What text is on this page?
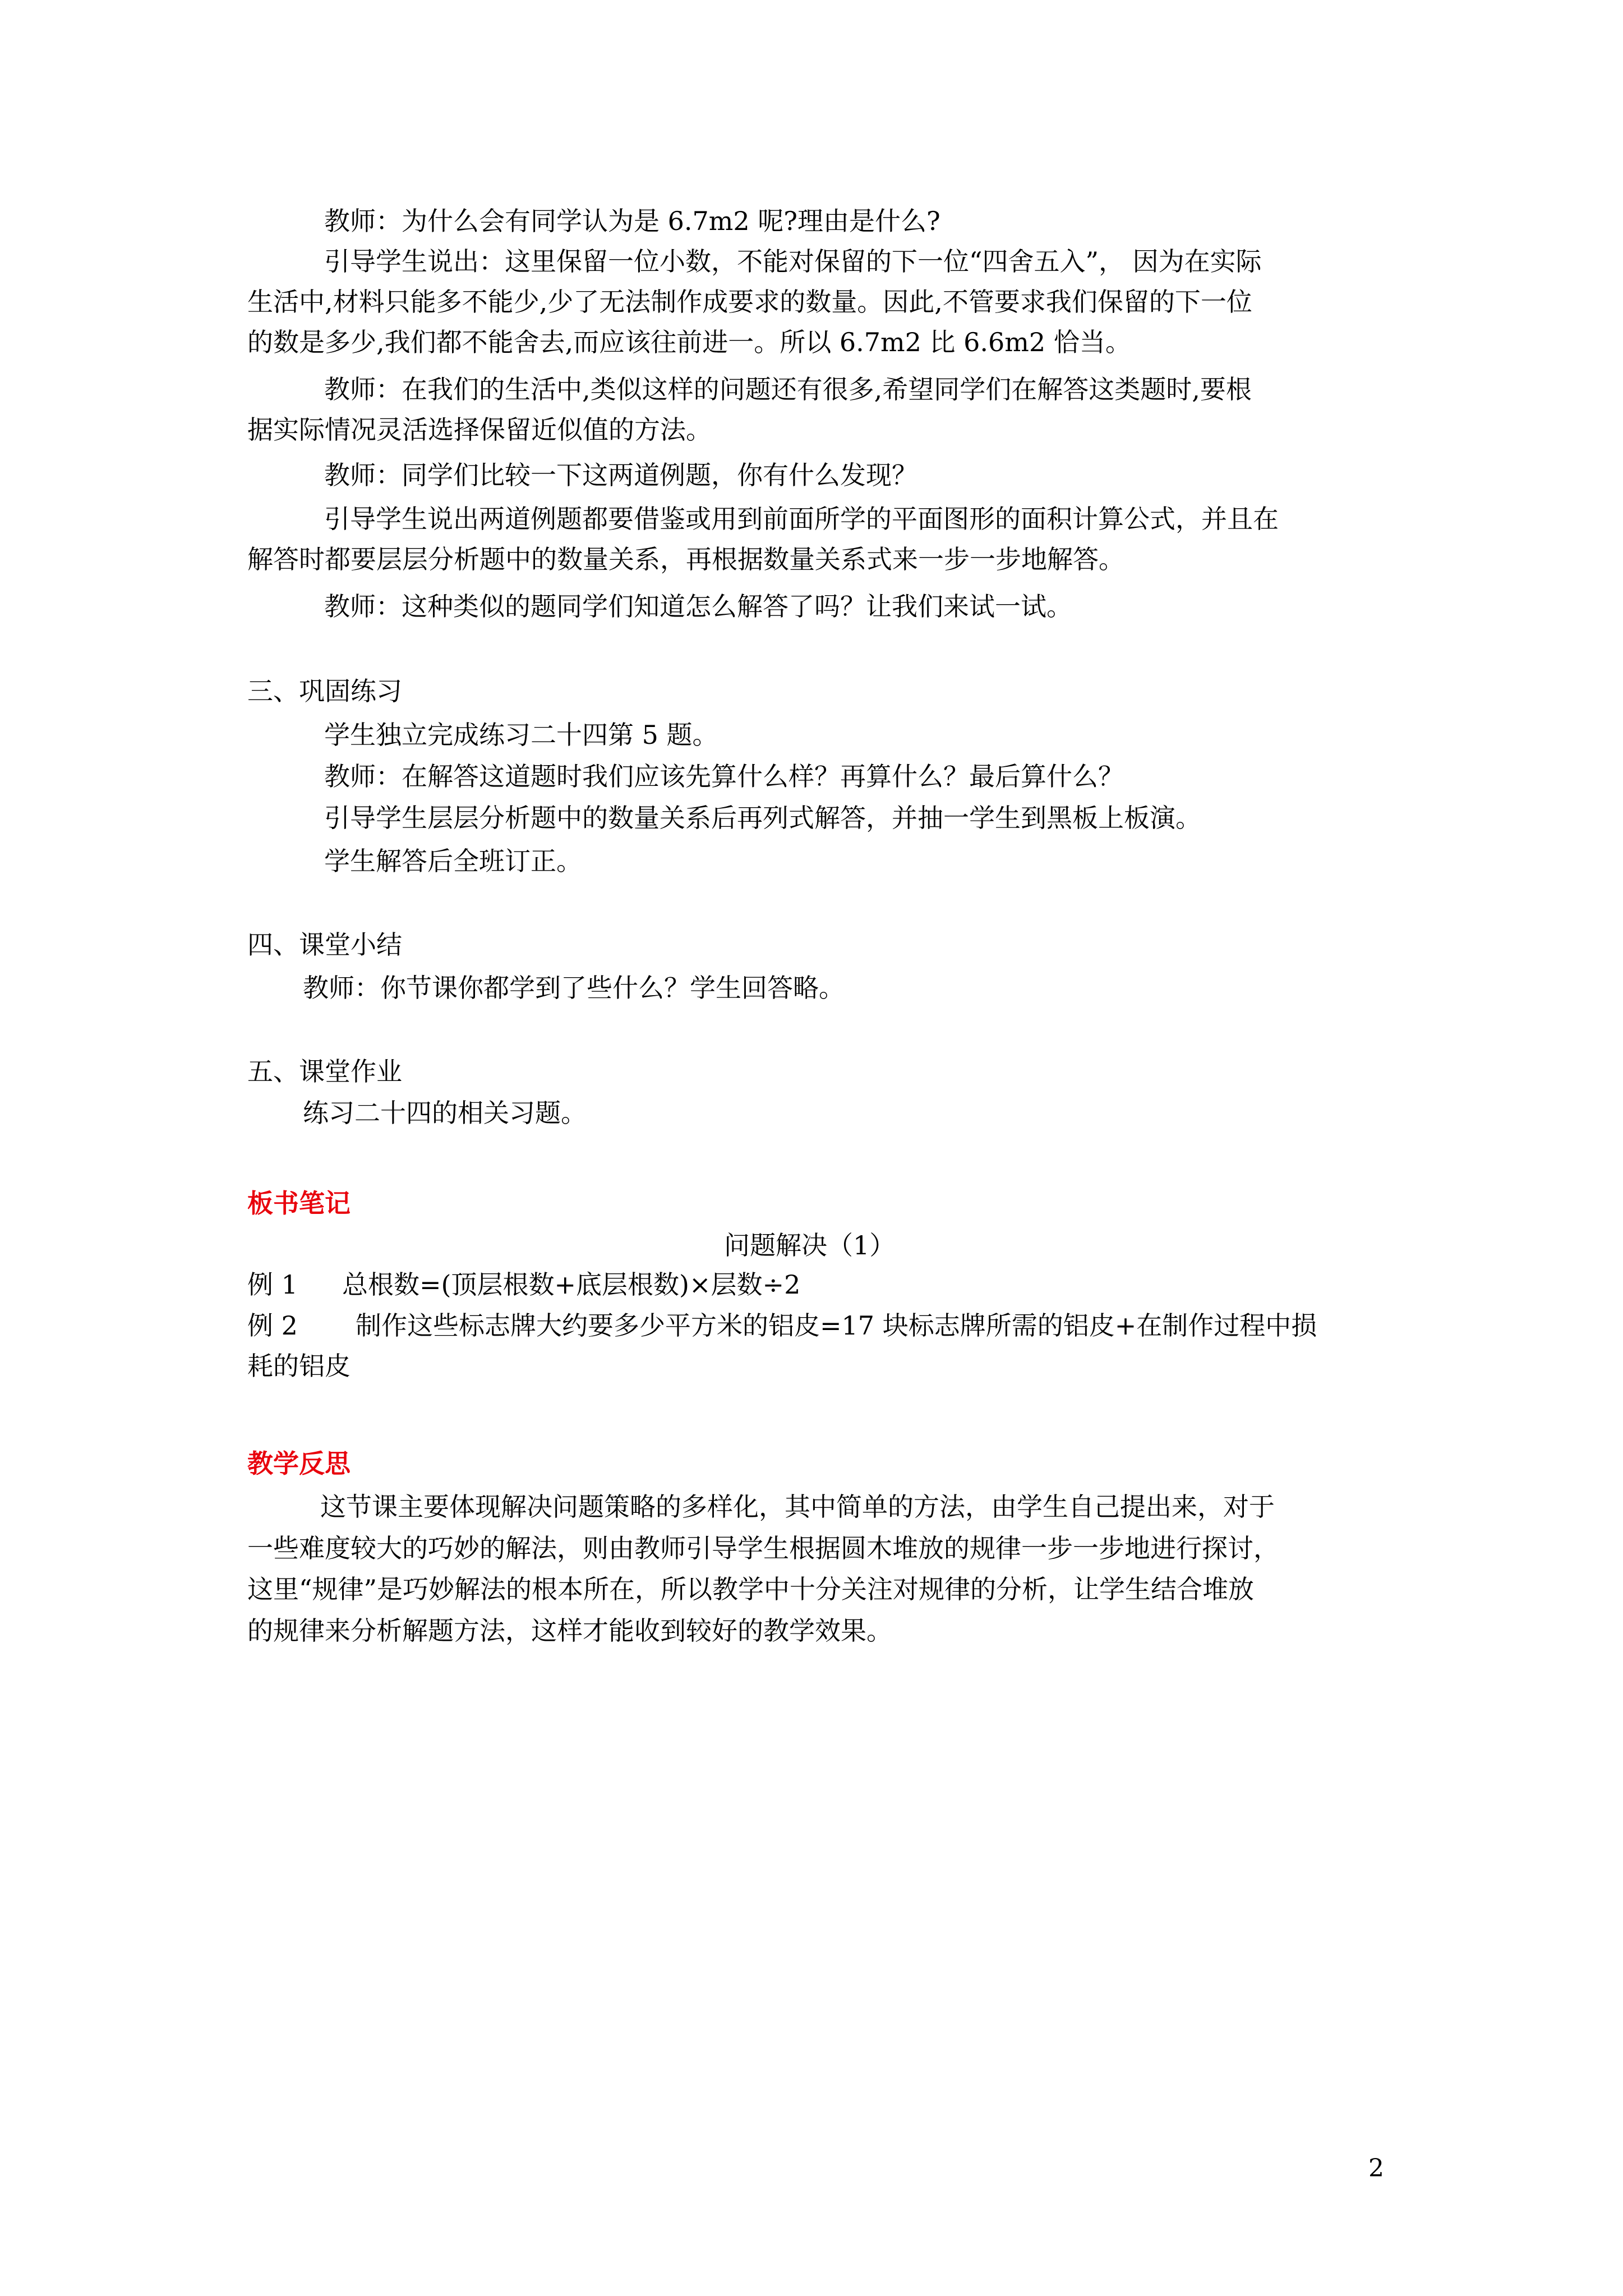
教师：为什么会有同学认为是 6.7m2 呢?理由是什么?
引导学生说出：这里保留一位小数，不能对保留的下一位“四舍五入”， 因为在实际
生活中,材料只能多不能少,少了无法制作成要求的数量。因此,不管要求我们保留的下一位
的数是多少,我们都不能舍去,而应该往前进一。所以 6.7m2 比 6.6m2 恰当。
教师：在我们的生活中,类似这样的问题还有很多,希望同学们在解答这类题时,要根
据实际情况灵活选择保留近似值的方法。
教师：同学们比较一下这两道例题，你有什么发现？
引导学生说出两道例题都要借鉴或用到前面所学的平面图形的面积计算公式，并且在
解答时都要层层分析题中的数量关系，再根据数量关系式来一步一步地解答。
教师：这种类似的题同学们知道怎么解答了吗？让我们来试一试。
三、巩固练习
学生独立完成练习二十四第 5 题。
教师：在解答这道题时我们应该先算什么样？再算什么？最后算什么？
引导学生层层分析题中的数量关系后再列式解答，并抽一学生到黑板上板演。
学生解答后全班订正。
四、课堂小结
教师：你节课你都学到了些什么？学生回答略。
五、课堂作业
练习二十四的相关习题。
板书笔记
问题解决（1）
例 1 总根数=(顶层根数+底层根数)×层数÷2
例 2 制作这些标志牌大约要多少平方米的铝皮=17 块标志牌所需的铝皮+在制作过程中损
耗的铝皮
教学反思
这节课主要体现解决问题策略的多样化，其中简单的方法，由学生自己提出来，对于
一些难度较大的巧妙的解法，则由教师引导学生根据圆木堆放的规律一步一步地进行探讨，
这里“规律”是巧妙解法的根本所在，所以教学中十分关注对规律的分析，让学生结合堆放
的规律来分析解题方法，这样才能收到较好的教学效果。
2
